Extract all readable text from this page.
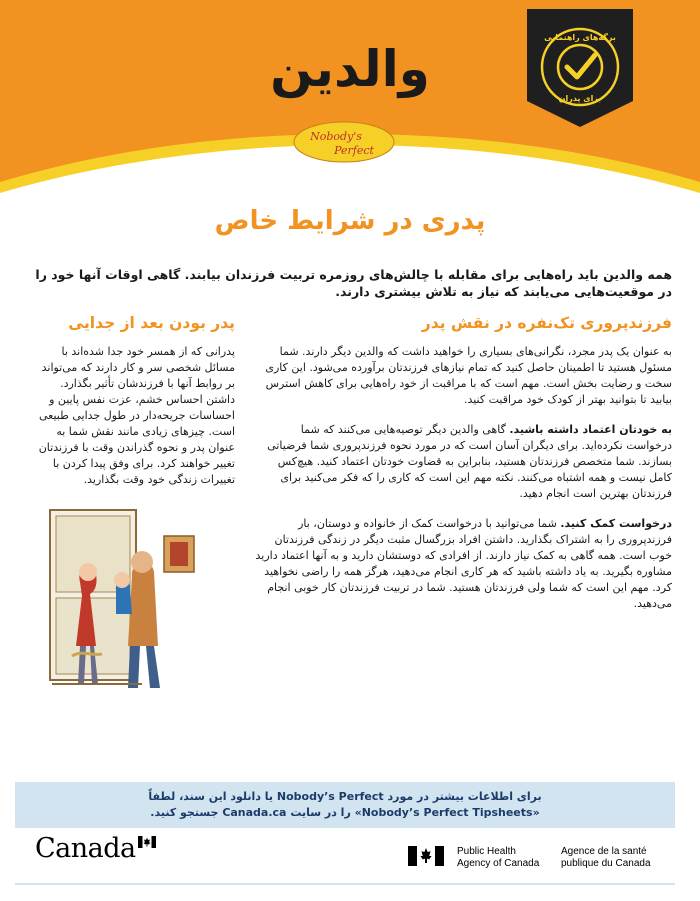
والدین
برگه‌های راهنمایی
برای پدران
Nobody's
Perfect
پدری در شرایط خاص
همه والدین باید راه‌هایی برای مقابله با چالش‌های روزمره تربیت فرزندان بیابند. گاهی اوقات آنها خود را در موقعیت‌هایی می‌یابند که نیاز به تلاش بیشتری دارند.
فرزندپروری تک‌نفره در نقش پدر

به عنوان یک پدر مجرد، نگرانی‌های بسیاری را خواهید داشت که والدین دیگر دارند. شما مسئول هستید تا اطمینان حاصل کنید که تمام نیازهای فرزندتان برآورده می‌شود. این کاری سخت و رضایت بخش است. مهم است که با مراقبت از خود راه‌هایی برای کاهش استرس بیابید تا بتوانید بهتر از کودک خود مراقبت کنید.

به خودتان اعتماد داشته باشید. گاهی والدین دیگر توصیه‌هایی می‌کنند که شما درخواست نکرده‌اید. برای دیگران آسان است که در مورد نحوه فرزندپروری شما فرضیاتی بسازند. شما متخصص فرزندتان هستید، بنابراین به قضاوت خودتان اعتماد کنید. هیچ‌کس کامل نیست و همه اشتباه می‌کنند. نکته مهم این است که کاری را که فکر می‌کنید برای فرزندتان بهترین است انجام دهید.

درخواست کمک کنید. شما می‌توانید با درخواست کمک از خانواده و دوستان، بار فرزندپروری را به اشتراک بگذارید. داشتن افراد بزرگسال مثبت دیگر در زندگی فرزندتان خوب است. همه گاهی به کمک نیاز دارند. از افرادی که دوستشان دارید و به آنها اعتماد دارید مشاوره بگیرید. به یاد داشته باشید که هر کاری انجام می‌دهید، هرگز همه را راضی نخواهید کرد. مهم این است که شما ولی فرزندتان هستید. شما در تربیت فرزندتان کار خوبی انجام می‌دهید.

پدر بودن بعد از جدایی

پدرانی که از همسر خود جدا شده‌اند با مسائل شخصی سر و کار دارند که می‌تواند بر روابط آنها با فرزندشان تأثیر بگذارد. داشتن احساس خشم، عزت نفس پایین و احساسات جریحه‌دار در طول جدایی طبیعی است. چیزهای زیادی مانند نقش شما به عنوان پدر و نحوه گذراندن وقت با فرزندتان تغییر خواهند کرد. برای وفق پیدا کردن با تغییرات زندگی خود وقت بگذارید.

برای اطلاعات بیشتر در مورد Nobody’s Perfect یا دانلود این سند، لطفاً
«Nobody’s Perfect Tipsheets» را در سایت Canada.ca جستجو کنید.
Canada	Public Health
Agency of Canada
Agence de la santé
publique du Canada
